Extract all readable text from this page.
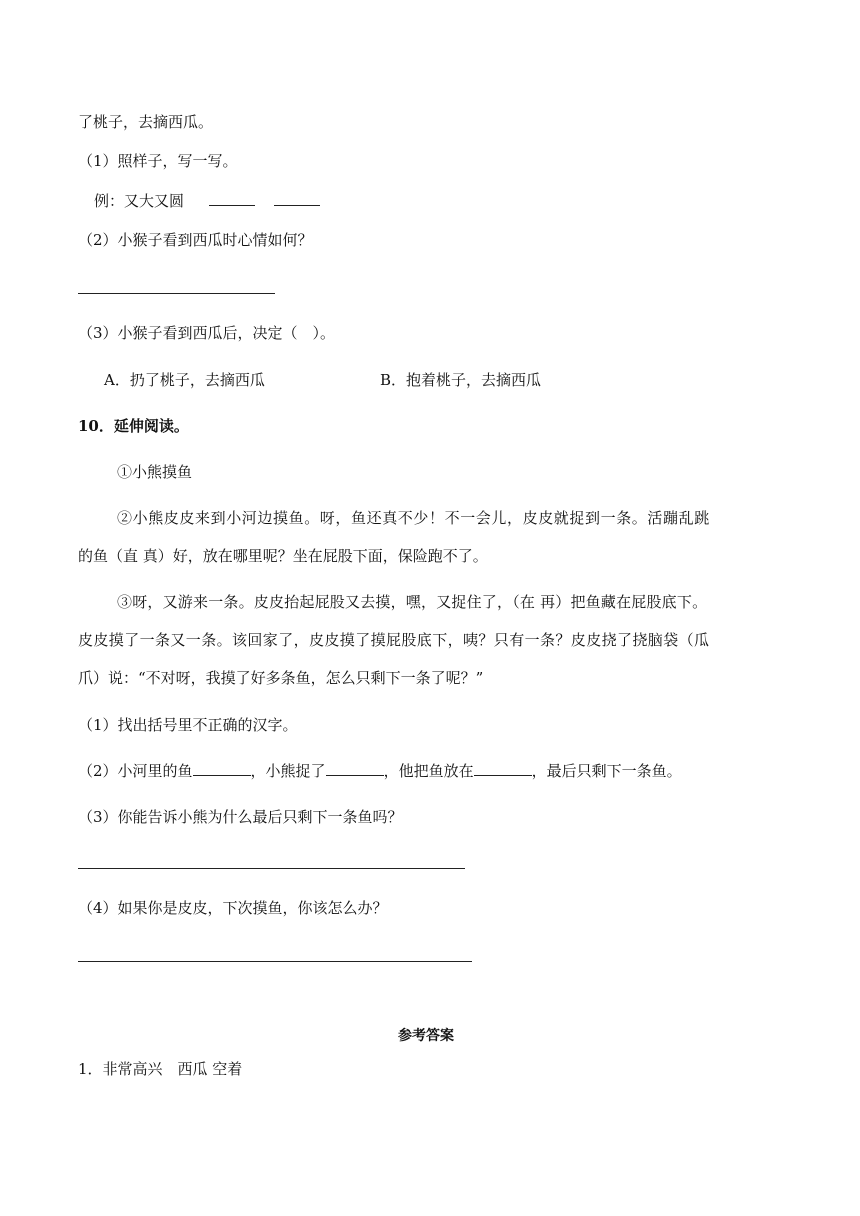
了桃子，去摘西瓜。
（1）照样子，写一写。
例：又大又圆
（2）小猴子看到西瓜时心情如何？
（3）小猴子看到西瓜后，决定（　）。
A．扔了桃子，去摘西瓜	B．抱着桃子，去摘西瓜
10．延伸阅读。
①小熊摸鱼
②小熊皮皮来到小河边摸鱼。呀，鱼还真不少！不一会儿，皮皮就捉到一条。活蹦乱跳
的鱼（直 真）好，放在哪里呢？坐在屁股下面，保险跑不了。
③呀，又游来一条。皮皮抬起屁股又去摸，嘿，又捉住了，（在 再）把鱼藏在屁股底下。
皮皮摸了一条又一条。该回家了，皮皮摸了摸屁股底下，咦？只有一条？皮皮挠了挠脑袋（瓜
爪）说：“不对呀，我摸了好多条鱼，怎么只剩下一条了呢？”
（1）找出括号里不正确的汉字。
（2）小河里的鱼	，小熊捉了	，他把鱼放在	，最后只剩下一条鱼。
（3）你能告诉小熊为什么最后只剩下一条鱼吗？
（4）如果你是皮皮，下次摸鱼，你该怎么办？
参考答案
1．非常高兴　西瓜 空着
